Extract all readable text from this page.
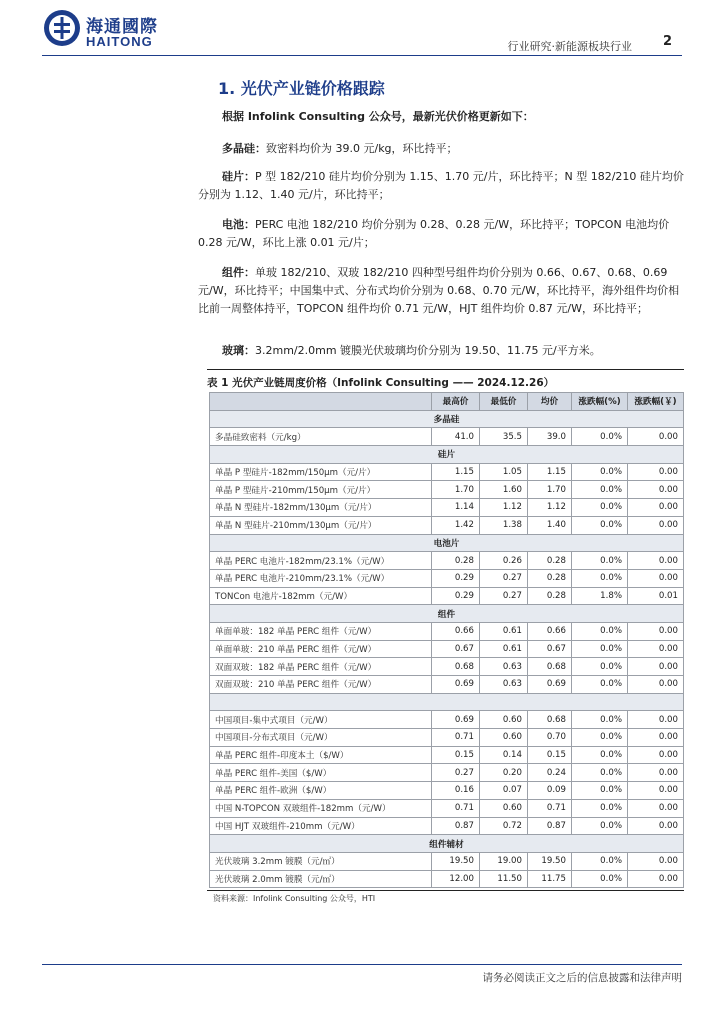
海通國際
HAITONG	行业研究·新能源板块行业 2
1. 光伏产业链价格跟踪
根据 Infolink Consulting 公众号，最新光伏价格更新如下：
多晶硅：致密料均价为 39.0 元/kg，环比持平；
硅片：P 型 182/210 硅片均价分别为 1.15、1.70 元/片，环比持平；N 型 182/210 硅片均价分别为 1.12、1.40 元/片，环比持平；
电池：PERC 电池 182/210 均价分别为 0.28、0.28 元/W，环比持平；TOPCON 电池均价 0.28 元/W，环比上涨 0.01 元/片；
组件：单玻 182/210、双玻 182/210 四种型号组件均价分别为 0.66、0.67、0.68、0.69 元/W，环比持平；中国集中式、分布式均价分别为 0.68、0.70 元/W，环比持平，海外组件均价相比前一周整体持平，TOPCON 组件均价 0.71 元/W，HJT 组件均价 0.87 元/W，环比持平；
玻璃：3.2mm/2.0mm 镀膜光伏玻璃均价分别为 19.50、11.75 元/平方米。
表 1 光伏产业链周度价格（Infolink Consulting —— 2024.12.26）
	最高价	最低价	均价	涨跌幅(%)	涨跌幅(￥)
多晶硅					
多晶硅致密料（元/kg）	41.0	35.5	39.0	0.0%	0.00
硅片					
单晶 P 型硅片-182mm/150μm（元/片）	1.15	1.05	1.15	0.0%	0.00
单晶 P 型硅片-210mm/150μm（元/片）	1.70	1.60	1.70	0.0%	0.00
单晶 N 型硅片-182mm/130μm（元/片）	1.14	1.12	1.12	0.0%	0.00
单晶 N 型硅片-210mm/130μm（元/片）	1.42	1.38	1.40	0.0%	0.00
电池片					
单晶 PERC 电池片-182mm/23.1%（元/W）	0.28	0.26	0.28	0.0%	0.00
单晶 PERC 电池片-210mm/23.1%（元/W）	0.29	0.27	0.28	0.0%	0.00
TONCon 电池片-182mm（元/W）	0.29	0.27	0.28	1.8%	0.01
组件					
单面单玻：182 单晶 PERC 组件（元/W）	0.66	0.61	0.66	0.0%	0.00
单面单玻：210 单晶 PERC 组件（元/W）	0.67	0.61	0.67	0.0%	0.00
双面双玻：182 单晶 PERC 组件（元/W）	0.68	0.63	0.68	0.0%	0.00
双面双玻：210 单晶 PERC 组件（元/W）	0.69	0.63	0.69	0.0%	0.00

中国项目-集中式项目（元/W）	0.69	0.60	0.68	0.0%	0.00
中国项目-分布式项目（元/W）	0.71	0.60	0.70	0.0%	0.00
单晶 PERC 组件-印度本土（$/W）	0.15	0.14	0.15	0.0%	0.00
单晶 PERC 组件-美国（$/W）	0.27	0.20	0.24	0.0%	0.00
单晶 PERC 组件-欧洲（$/W）	0.16	0.07	0.09	0.0%	0.00
中国 N-TOPCON 双玻组件-182mm（元/W）	0.71	0.60	0.71	0.0%	0.00
中国 HJT 双玻组件-210mm（元/W）	0.87	0.72	0.87	0.0%	0.00
组件辅材					
光伏玻璃 3.2mm 镀膜（元/㎡）	19.50	19.00	19.50	0.0%	0.00
光伏玻璃 2.0mm 镀膜（元/㎡）	12.00	11.50	11.75	0.0%	0.00
资料来源：Infolink Consulting 公众号，HTI
请务必阅读正文之后的信息披露和法律声明
